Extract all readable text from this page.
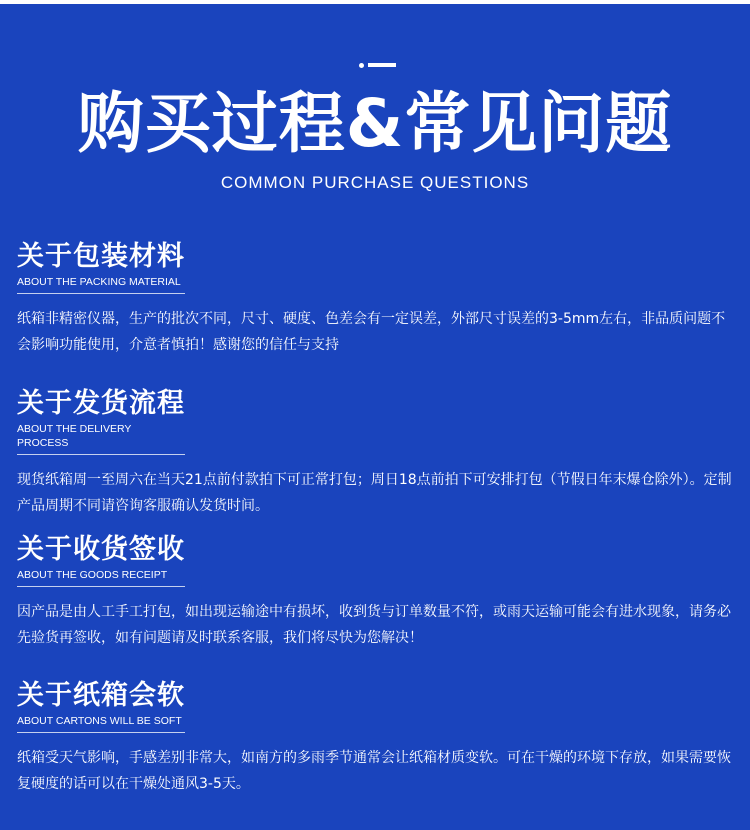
购买过程&常见问题
COMMON PURCHASE QUESTIONS
关于包装材料
ABOUT THE PACKING MATERIAL
纸箱非精密仪器，生产的批次不同，尺寸、硬度、色差会有一定误差，外部尺寸误差的3-5mm左右，非品质问题不会影响功能使用，介意者慎拍！感谢您的信任与支持
关于发货流程
ABOUT THE DELIVERY PROCESS
现货纸箱周一至周六在当天21点前付款拍下可正常打包；周日18点前拍下可安排打包（节假日年末爆仓除外）。定制产品周期不同请咨询客服确认发货时间。
关于收货签收
ABOUT THE GOODS RECEIPT
因产品是由人工手工打包，如出现运输途中有损坏，收到货与订单数量不符，或雨天运输可能会有进水现象，请务必先验货再签收，如有问题请及时联系客服，我们将尽快为您解决！
关于纸箱会软
ABOUT CARTONS WILL BE SOFT
纸箱受天气影响，手感差别非常大，如南方的多雨季节通常会让纸箱材质变软。可在干燥的环境下存放，如果需要恢复硬度的话可以在干燥处通风3-5天。
